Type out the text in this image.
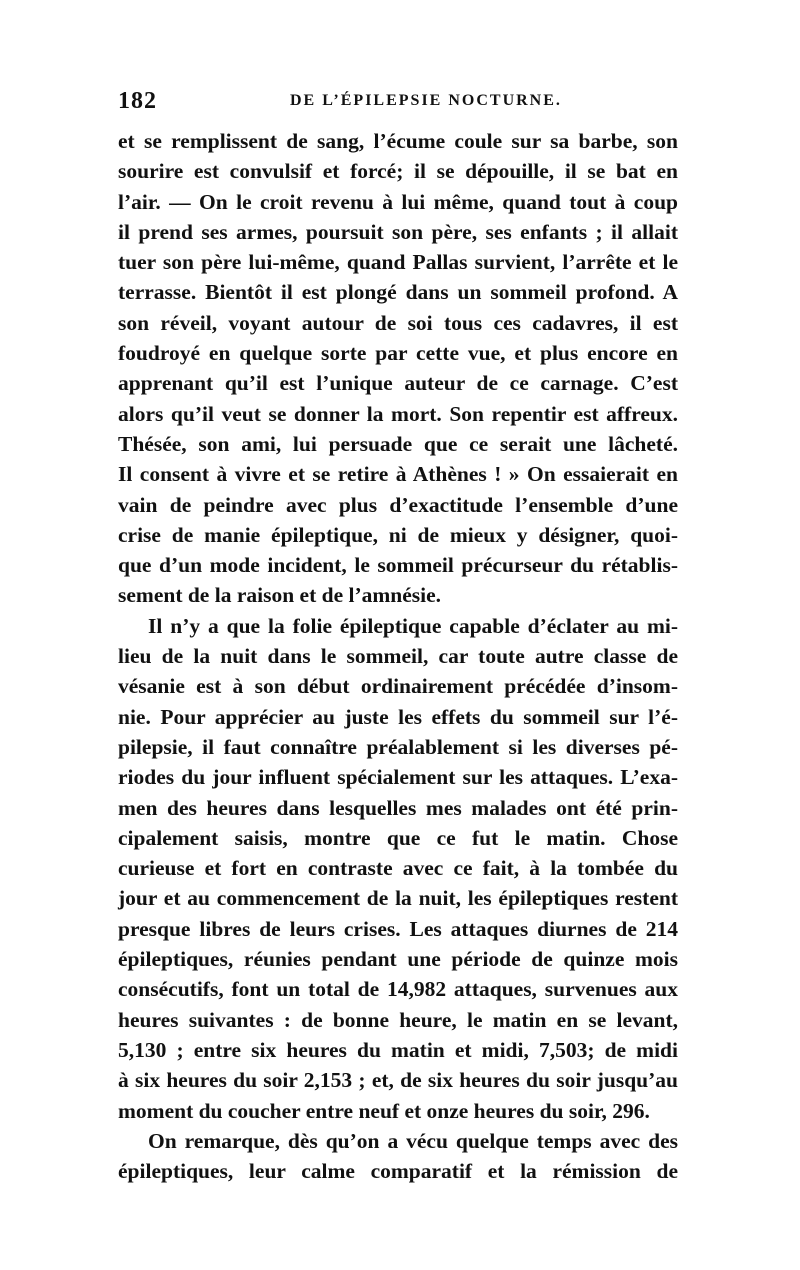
182	DE L’ÉPILEPSIE NOCTURNE.
et se remplissent de sang, l’écume coule sur sa barbe, son
sourire est convulsif et forcé; il se dépouille, il se bat en
l’air. — On le croit revenu à lui même, quand tout à coup
il prend ses armes, poursuit son père, ses enfants ; il allait
tuer son père lui-même, quand Pallas survient, l’arrête et le
terrasse. Bientôt il est plongé dans un sommeil profond. A
son réveil, voyant autour de soi tous ces cadavres, il est
foudroyé en quelque sorte par cette vue, et plus encore en
apprenant qu’il est l’unique auteur de ce carnage. C’est
alors qu’il veut se donner la mort. Son repentir est affreux.
Thésée, son ami, lui persuade que ce serait une lâcheté.
Il consent à vivre et se retire à Athènes ! » On essaierait en
vain de peindre avec plus d’exactitude l’ensemble d’une
crise de manie épileptique, ni de mieux y désigner, quoi-
que d’un mode incident, le sommeil précurseur du rétablis-
sement de la raison et de l’amnésie.
Il n’y a que la folie épileptique capable d’éclater au mi-
lieu de la nuit dans le sommeil, car toute autre classe de
vésanie est à son début ordinairement précédée d’insom-
nie. Pour apprécier au juste les effets du sommeil sur l’é-
pilepsie, il faut connaître préalablement si les diverses pé-
riodes du jour influent spécialement sur les attaques. L’exa-
men des heures dans lesquelles mes malades ont été prin-
cipalement saisis, montre que ce fut le matin. Chose
curieuse et fort en contraste avec ce fait, à la tombée du
jour et au commencement de la nuit, les épileptiques restent
presque libres de leurs crises. Les attaques diurnes de 214
épileptiques, réunies pendant une période de quinze mois
consécutifs, font un total de 14,982 attaques, survenues aux
heures suivantes : de bonne heure, le matin en se levant,
5,130 ; entre six heures du matin et midi, 7,503; de midi
à six heures du soir 2,153 ; et, de six heures du soir jusqu’au
moment du coucher entre neuf et onze heures du soir, 296.
On remarque, dès qu’on a vécu quelque temps avec des
épileptiques, leur calme comparatif et la rémission de
